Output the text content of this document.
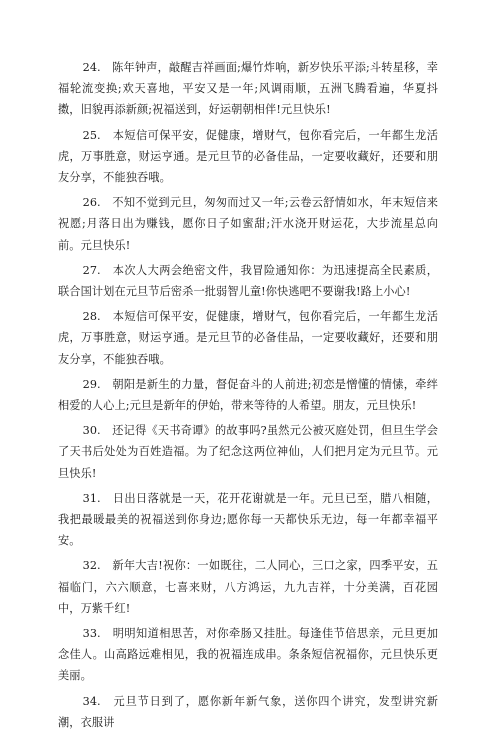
24.　陈年钟声，敲醒吉祥画面;爆竹炸响，新岁快乐平添;斗转星移，幸福轮流变换;欢天喜地，平安又是一年;风调雨顺，五洲飞腾看遍，华夏抖擞，旧貌再添新颜;祝福送到，好运朝朝相伴!元旦快乐!

25.　本短信可保平安，促健康，增财气，包你看完后，一年都生龙活虎，万事胜意，财运亨通。是元旦节的必备佳品，一定要收藏好，还要和朋友分享，不能独吞哦。

26.　不知不觉到元旦，匆匆而过又一年;云卷云舒情如水，年末短信来祝愿;月落日出为赚钱，愿你日子如蜜甜;汗水浇开财运花，大步流星总向前。元旦快乐!

27.　本次人大两会绝密文件，我冒险通知你：为迅速提高全民素质，联合国计划在元旦节后密杀一批弱智儿童!你快逃吧不要谢我!路上小心!

28.　本短信可保平安，促健康，增财气，包你看完后，一年都生龙活虎，万事胜意，财运亨通。是元旦节的必备佳品，一定要收藏好，还要和朋友分享，不能独吞哦。

29.　朝阳是新生的力量，督促奋斗的人前进;初恋是憎懂的情愫，牵绊相爱的人心上;元旦是新年的伊始，带来等待的人希望。朋友，元旦快乐!

30.　还记得《天书奇谭》的故事吗?虽然元公被灭庭处罚，但旦生学会了天书后处处为百姓造福。为了纪念这两位神仙，人们把月定为元旦节。元旦快乐!

31.　日出日落就是一天，花开花谢就是一年。元旦已至，腊八相随，我把最暖最美的祝福送到你身边;愿你每一天都快乐无边，每一年都幸福平安。

32.　新年大吉!祝你：一如既往，二人同心，三口之家，四季平安，五福临门，六六顺意，七喜来财，八方鸿运，九九吉祥，十分美满，百花园中，万紫千红!

33.　明明知道相思苦，对你牵肠又挂肚。每逢佳节倍思亲，元旦更加念佳人。山高路远难相见，我的祝福连成串。条条短信祝福你，元旦快乐更美丽。

34.　元旦节日到了，愿你新年新气象，送你四个讲究，发型讲究新潮，衣服讲
